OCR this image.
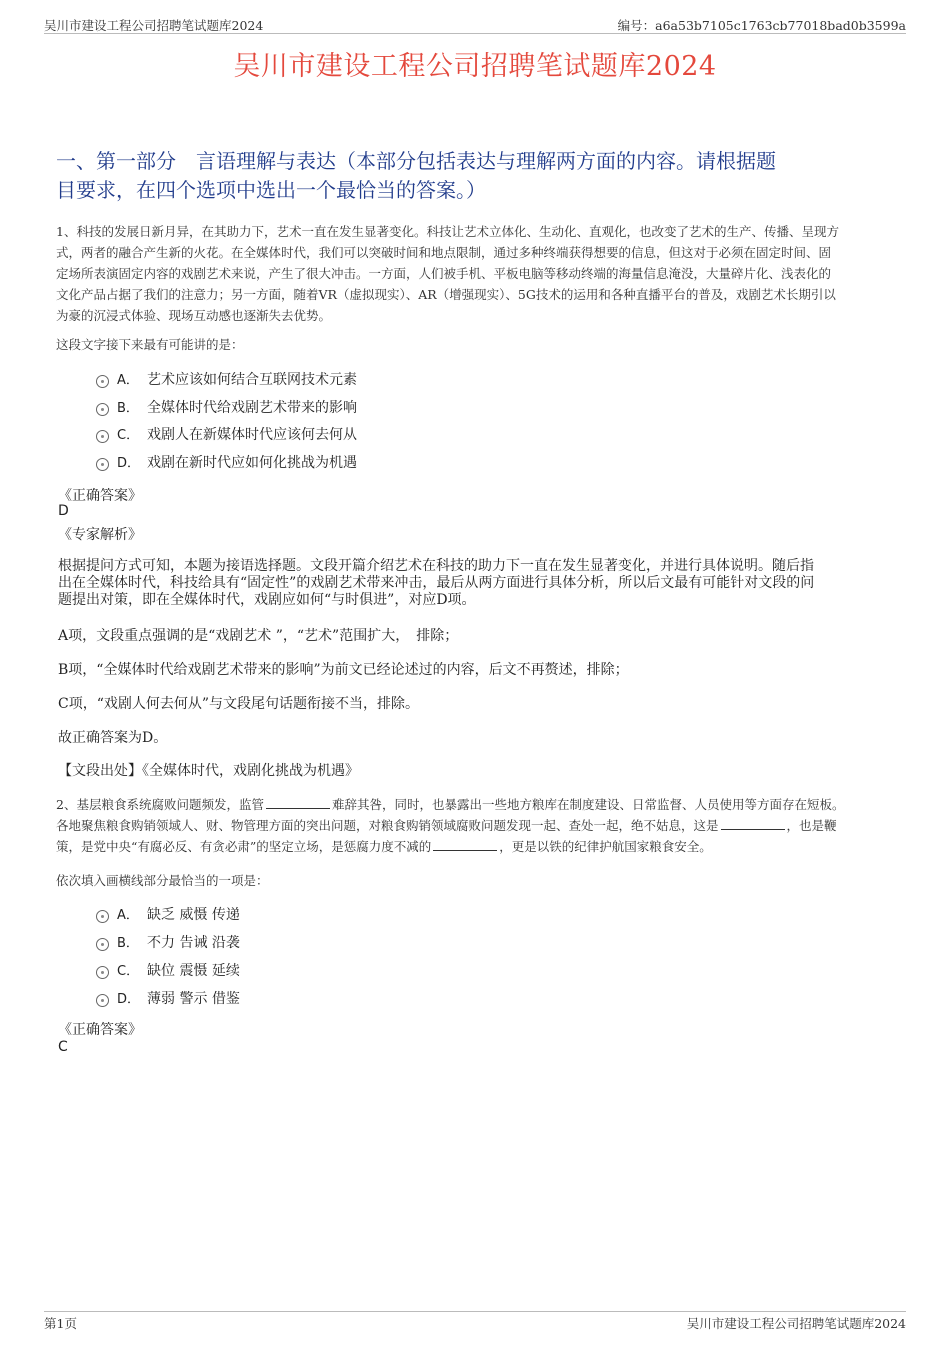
吴川市建设工程公司招聘笔试题库2024	编号：a6a53b7105c1763cb77018bad0b3599a
吴川市建设工程公司招聘笔试题库2024
一、第一部分　言语理解与表达（本部分包括表达与理解两方面的内容。请根据题
目要求，在四个选项中选出一个最恰当的答案。）
1、科技的发展日新月异，在其助力下，艺术一直在发生显著变化。科技让艺术立体化、生动化、直观化，也改变了艺术的生产、传播、呈现方
式，两者的融合产生新的火花。在全媒体时代，我们可以突破时间和地点限制，通过多种终端获得想要的信息，但这对于必须在固定时间、固
定场所表演固定内容的戏剧艺术来说，产生了很大冲击。一方面，人们被手机、平板电脑等移动终端的海量信息淹没，大量碎片化、浅表化的
文化产品占据了我们的注意力；另一方面，随着VR（虚拟现实）、AR（增强现实）、5G技术的运用和各种直播平台的普及，戏剧艺术长期引以
为豪的沉浸式体验、现场互动感也逐渐失去优势。
这段文字接下来最有可能讲的是：
A． 艺术应该如何结合互联网技术元素
B． 全媒体时代给戏剧艺术带来的影响
C． 戏剧人在新媒体时代应该何去何从
D． 戏剧在新时代应如何化挑战为机遇
《正确答案》
D
《专家解析》
根据提问方式可知，本题为接语选择题。文段开篇介绍艺术在科技的助力下一直在发生显著变化，并进行具体说明。随后指
出在全媒体时代，科技给具有“固定性”的戏剧艺术带来冲击，最后从两方面进行具体分析，所以后文最有可能针对文段的问
题提出对策，即在全媒体时代，戏剧应如何“与时俱进”，对应D项。
A项，文段重点强调的是“戏剧艺术 ”，“艺术”范围扩大，　排除；
B项，“全媒体时代给戏剧艺术带来的影响”为前文已经论述过的内容，后文不再赘述，排除；
C项，“戏剧人何去何从”与文段尾句话题衔接不当，排除。
故正确答案为D。
【文段出处】《全媒体时代，戏剧化挑战为机遇》
2、基层粮食系统腐败问题频发，监管	难辞其咎，同时，也暴露出一些地方粮库在制度建设、日常监督、人员使用等方面存在短板。
各地聚焦粮食购销领域人、财、物管理方面的突出问题，对粮食购销领域腐败问题发现一起、查处一起，绝不姑息，这是	，也是鞭
策，是党中央“有腐必反、有贪必肃”的坚定立场，是惩腐力度不减的	，更是以铁的纪律护航国家粮食安全。
依次填入画横线部分最恰当的一项是：
A． 缺乏 威慑 传递
B． 不力 告诫 沿袭
C． 缺位 震慑 延续
D． 薄弱 警示 借鉴
《正确答案》
C
第1页	吴川市建设工程公司招聘笔试题库2024
